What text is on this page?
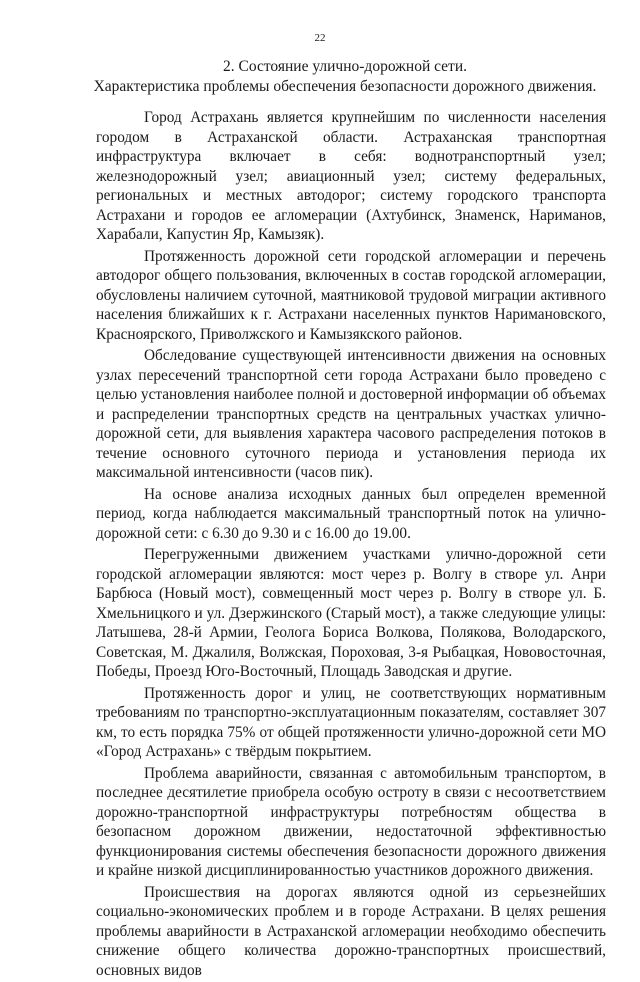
22
2. Состояние улично-дорожной сети.
Характеристика проблемы обеспечения безопасности дорожного движения.

Город Астрахань является крупнейшим по численности населения городом в Астраханской области. Астраханская транспортная инфраструктура включает в себя: воднотранспортный узел; железнодорожный узел; авиационный узел; систему федеральных, региональных и местных автодорог; систему городского транспорта Астрахани и городов ее агломерации (Ахтубинск, Знаменск, Нариманов, Харабали, Капустин Яр, Камызяк).

Протяженность дорожной сети городской агломерации и перечень автодорог общего пользования, включенных в состав городской агломерации, обусловлены наличием суточной, маятниковой трудовой миграции активного населения ближайших к г. Астрахани населенных пунктов Наримановского, Красноярского, Приволжского и Камызякского районов.

Обследование существующей интенсивности движения на основных узлах пересечений транспортной сети города Астрахани было проведено с целью установления наиболее полной и достоверной информации об объемах и распределении транспортных средств на центральных участках улично-дорожной сети, для выявления характера часового распределения потоков в течение основного суточного периода и установления периода их максимальной интенсивности (часов пик).

На основе анализа исходных данных был определен временной период, когда наблюдается максимальный транспортный поток на улично-дорожной сети: с 6.30 до 9.30 и с 16.00 до 19.00.

Перегруженными движением участками улично-дорожной сети городской агломерации являются: мост через р. Волгу в створе ул. Анри Барбюса (Новый мост), совмещенный мост через р. Волгу в створе ул. Б. Хмельницкого и ул. Дзержинского (Старый мост), а также следующие улицы: Латышева, 28-й Армии, Геолога Бориса Волкова, Полякова, Володарского, Советская, М. Джалиля, Волжская, Пороховая, 3-я Рыбацкая, Нововосточная, Победы, Проезд Юго-Восточный, Площадь Заводская и другие.

Протяженность дорог и улиц, не соответствующих нормативным требованиям по транспортно-эксплуатационным показателям, составляет 307 км, то есть порядка 75% от общей протяженности улично-дорожной сети МО «Город Астрахань» с твёрдым покрытием.

Проблема аварийности, связанная с автомобильным транспортом, в последнее десятилетие приобрела особую остроту в связи с несоответствием дорожно-транспортной инфраструктуры потребностям общества в безопасном дорожном движении, недостаточной эффективностью функционирования системы обеспечения безопасности дорожного движения и крайне низкой дисциплинированностью участников дорожного движения.

Происшествия на дорогах являются одной из серьезнейших социально-экономических проблем и в городе Астрахани. В целях решения проблемы аварийности в Астраханской агломерации необходимо обеспечить снижение общего количества дорожно-транспортных происшествий, основных видов
